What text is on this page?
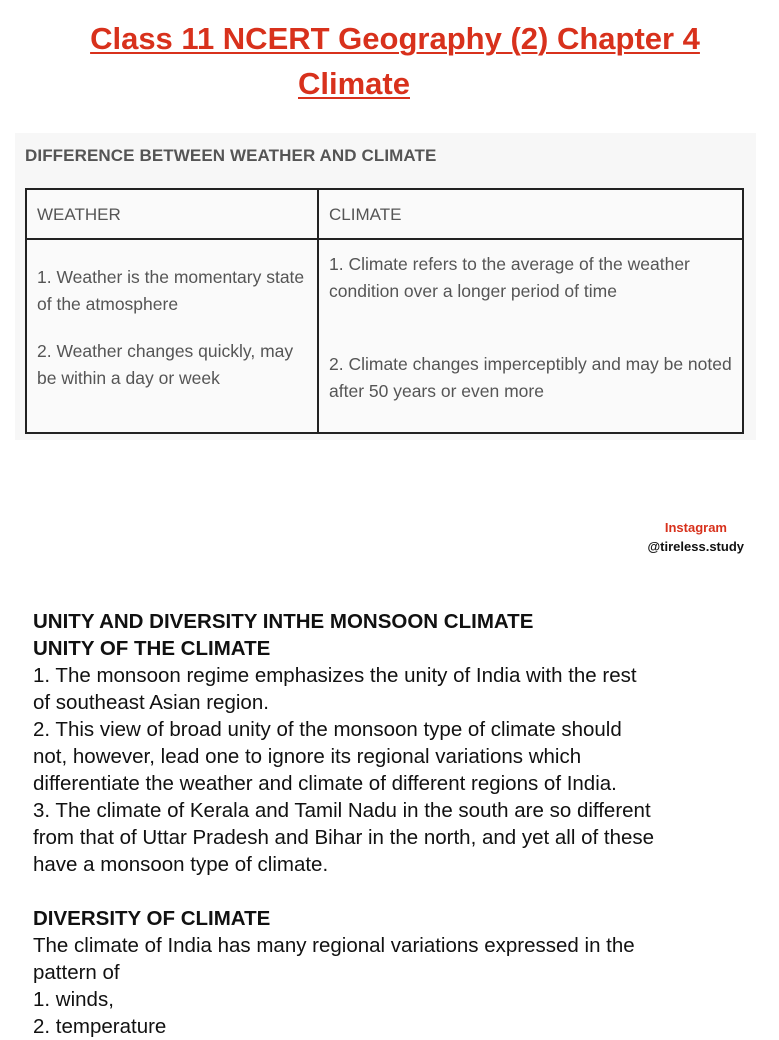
Class 11 NCERT Geography (2) Chapter 4
Climate
DIFFERENCE BETWEEN WEATHER AND CLIMATE
WEATHER	CLIMATE
1. Weather is the momentary state of the atmosphere
2. Weather changes quickly, may be within a day or week
1. Climate refers to the average of the weather condition over a longer period of time
2. Climate changes imperceptibly and may be noted after 50 years or even more
Instagram
@tireless.study
UNITY AND DIVERSITY INTHE MONSOON CLIMATE
UNITY OF THE CLIMATE
1. The monsoon regime emphasizes the unity of India with the rest
of southeast Asian region.
2. This view of broad unity of the monsoon type of climate should
not, however, lead one to ignore its regional variations which
differentiate the weather and climate of different regions of India.
3. The climate of Kerala and Tamil Nadu in the south are so different
from that of Uttar Pradesh and Bihar in the north, and yet all of these
have a monsoon type of climate.
DIVERSITY OF CLIMATE
The climate of India has many regional variations expressed in the
pattern of
1. winds,
2. temperature
